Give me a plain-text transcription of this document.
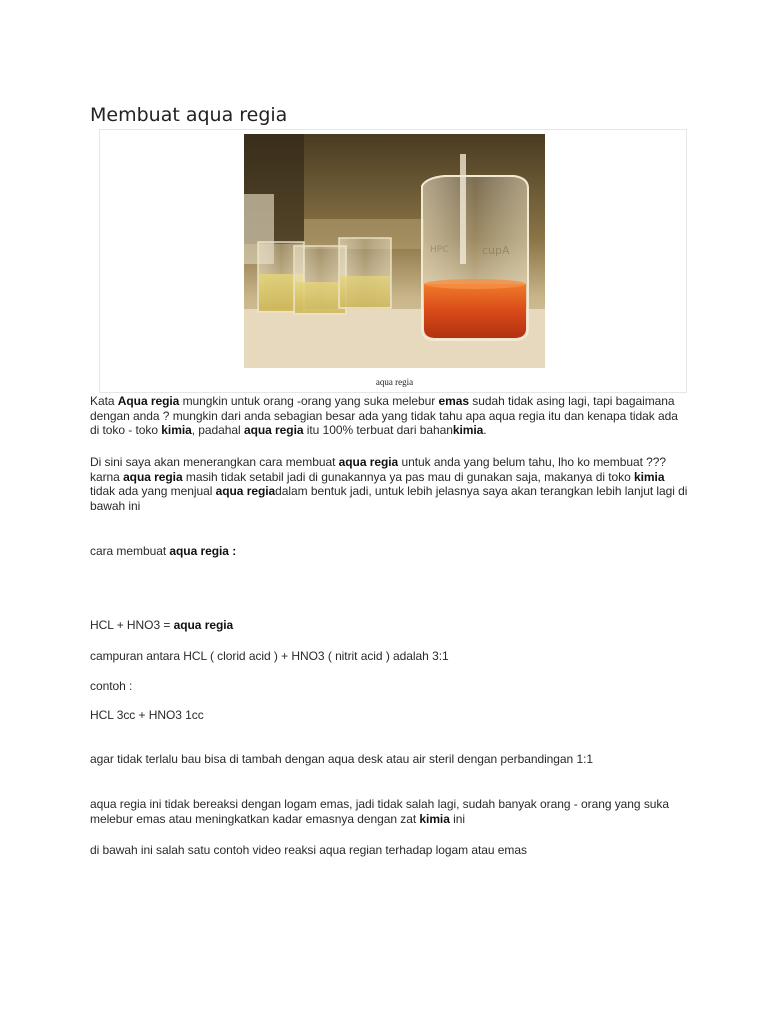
Membuat aqua regia
cupA
HPC
aqua regia

Kata Aqua regia mungkin untuk orang -orang yang suka melebur emas sudah tidak asing lagi, tapi bagaimana dengan anda ? mungkin dari anda sebagian besar ada yang tidak tahu apa aqua regia itu dan kenapa tidak ada di toko - toko kimia, padahal aqua regia itu 100% terbuat dari bahankimia.

Di sini saya akan menerangkan cara membuat aqua regia untuk anda yang belum tahu, lho ko membuat ???
karna aqua regia masih tidak setabil jadi di gunakannya ya pas mau di gunakan saja, makanya di toko kimia tidak ada yang menjual aqua regiadalam bentuk jadi, untuk lebih jelasnya saya akan terangkan lebih lanjut lagi di bawah ini

cara membuat aqua regia :

HCL + HNO3 = aqua regia

campuran antara HCL ( clorid acid ) + HNO3 ( nitrit acid ) adalah 3:1

contoh :

HCL 3cc + HNO3 1cc

agar tidak terlalu bau bisa di tambah dengan aqua desk atau air steril dengan perbandingan 1:1

aqua regia ini tidak bereaksi dengan logam emas, jadi tidak salah lagi, sudah banyak orang - orang yang suka melebur emas atau meningkatkan kadar emasnya dengan zat kimia ini

di bawah ini salah satu contoh video reaksi aqua regian terhadap logam atau emas
